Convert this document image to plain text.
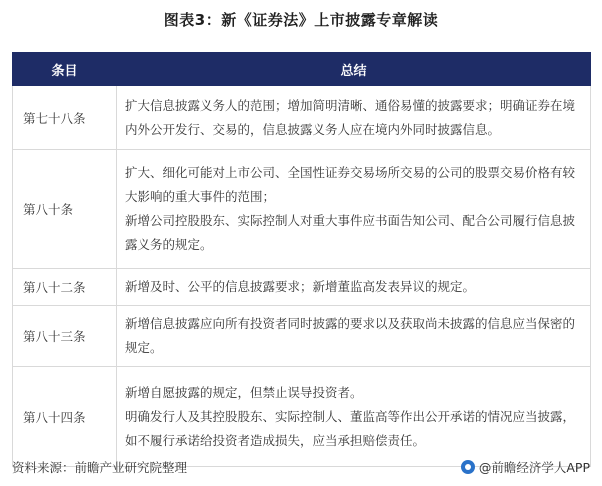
图表3：新《证券法》上市披露专章解读
条目	总结
第七十八条	扩大信息披露义务人的范围；增加简明清晰、通俗易懂的披露要求；明确证券在境内外公开发行、交易的，信息披露义务人应在境内外同时披露信息。

第八十条	扩大、细化可能对上市公司、全国性证券交易场所交易的公司的股票交易价格有较大影响的重大事件的范围；
新增公司控股股东、实际控制人对重大事件应书面告知公司、配合公司履行信息披露义务的规定。

第八十二条	新增及时、公平的信息披露要求；新增董监高发表异议的规定。

第八十三条	新增信息披露应向所有投资者同时披露的要求以及获取尚未披露的信息应当保密的规定。

第八十四条	新增自愿披露的规定，但禁止误导投资者。
明确发行人及其控股股东、实际控制人、董监高等作出公开承诺的情况应当披露，如不履行承诺给投资者造成损失，应当承担赔偿责任。
资料来源：前瞻产业研究院整理	@前瞻经济学人APP
